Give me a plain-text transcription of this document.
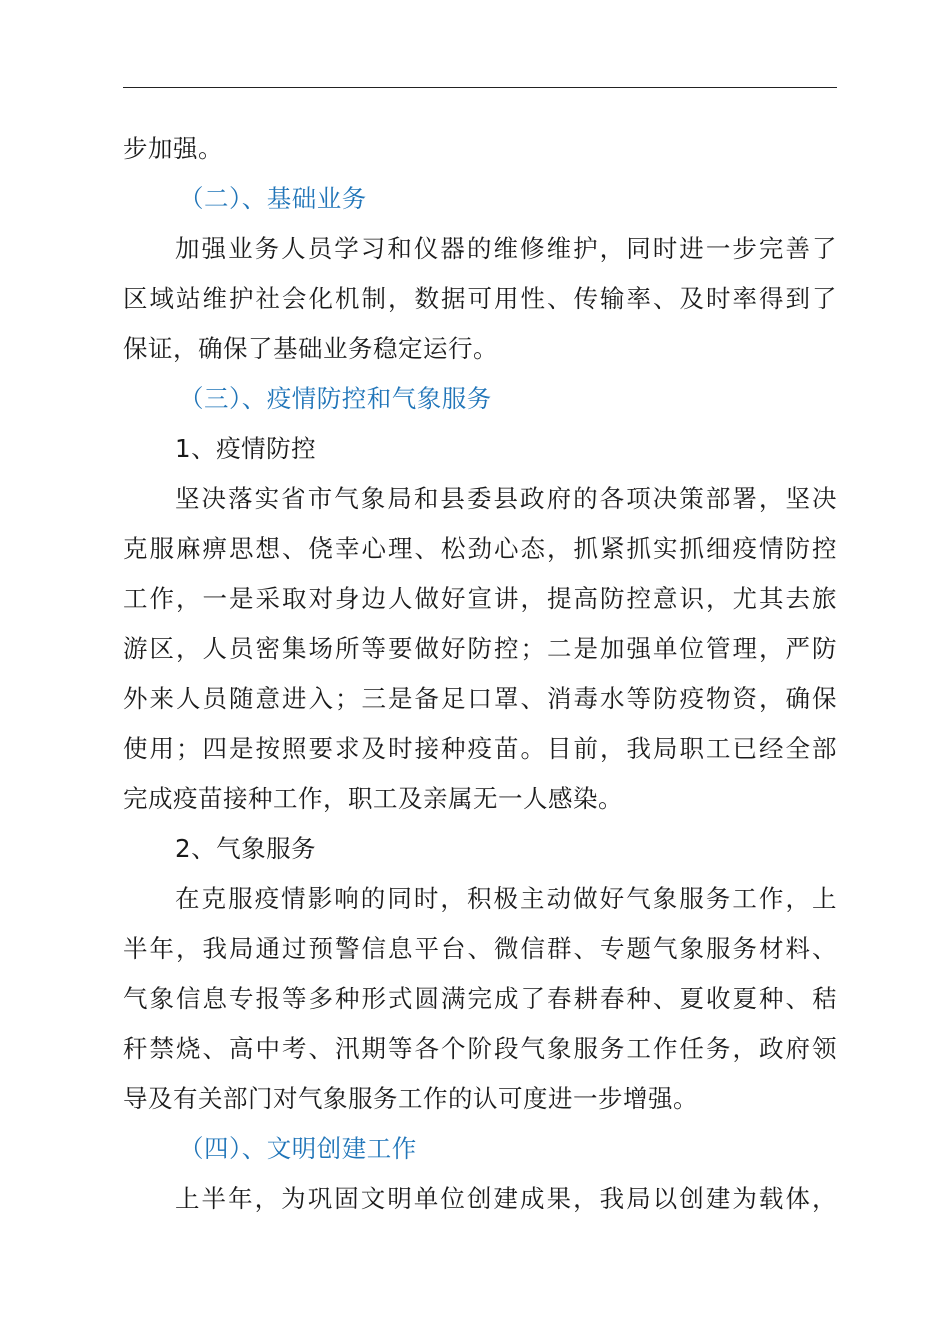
步加强。
（二）、基础业务
加强业务人员学习和仪器的维修维护，同时进一步完善了
区域站维护社会化机制，数据可用性、传输率、及时率得到了
保证，确保了基础业务稳定运行。
（三）、疫情防控和气象服务
1、疫情防控
坚决落实省市气象局和县委县政府的各项决策部署，坚决
克服麻痹思想、侥幸心理、松劲心态，抓紧抓实抓细疫情防控
工作，一是采取对身边人做好宣讲，提高防控意识，尤其去旅
游区，人员密集场所等要做好防控；二是加强单位管理，严防
外来人员随意进入；三是备足口罩、消毒水等防疫物资，确保
使用；四是按照要求及时接种疫苗。目前，我局职工已经全部
完成疫苗接种工作，职工及亲属无一人感染。
2、气象服务
在克服疫情影响的同时，积极主动做好气象服务工作，上
半年，我局通过预警信息平台、微信群、专题气象服务材料、
气象信息专报等多种形式圆满完成了春耕春种、夏收夏种、秸
秆禁烧、高中考、汛期等各个阶段气象服务工作任务，政府领
导及有关部门对气象服务工作的认可度进一步增强。
（四）、文明创建工作
上半年，为巩固文明单位创建成果，我局以创建为载体，
